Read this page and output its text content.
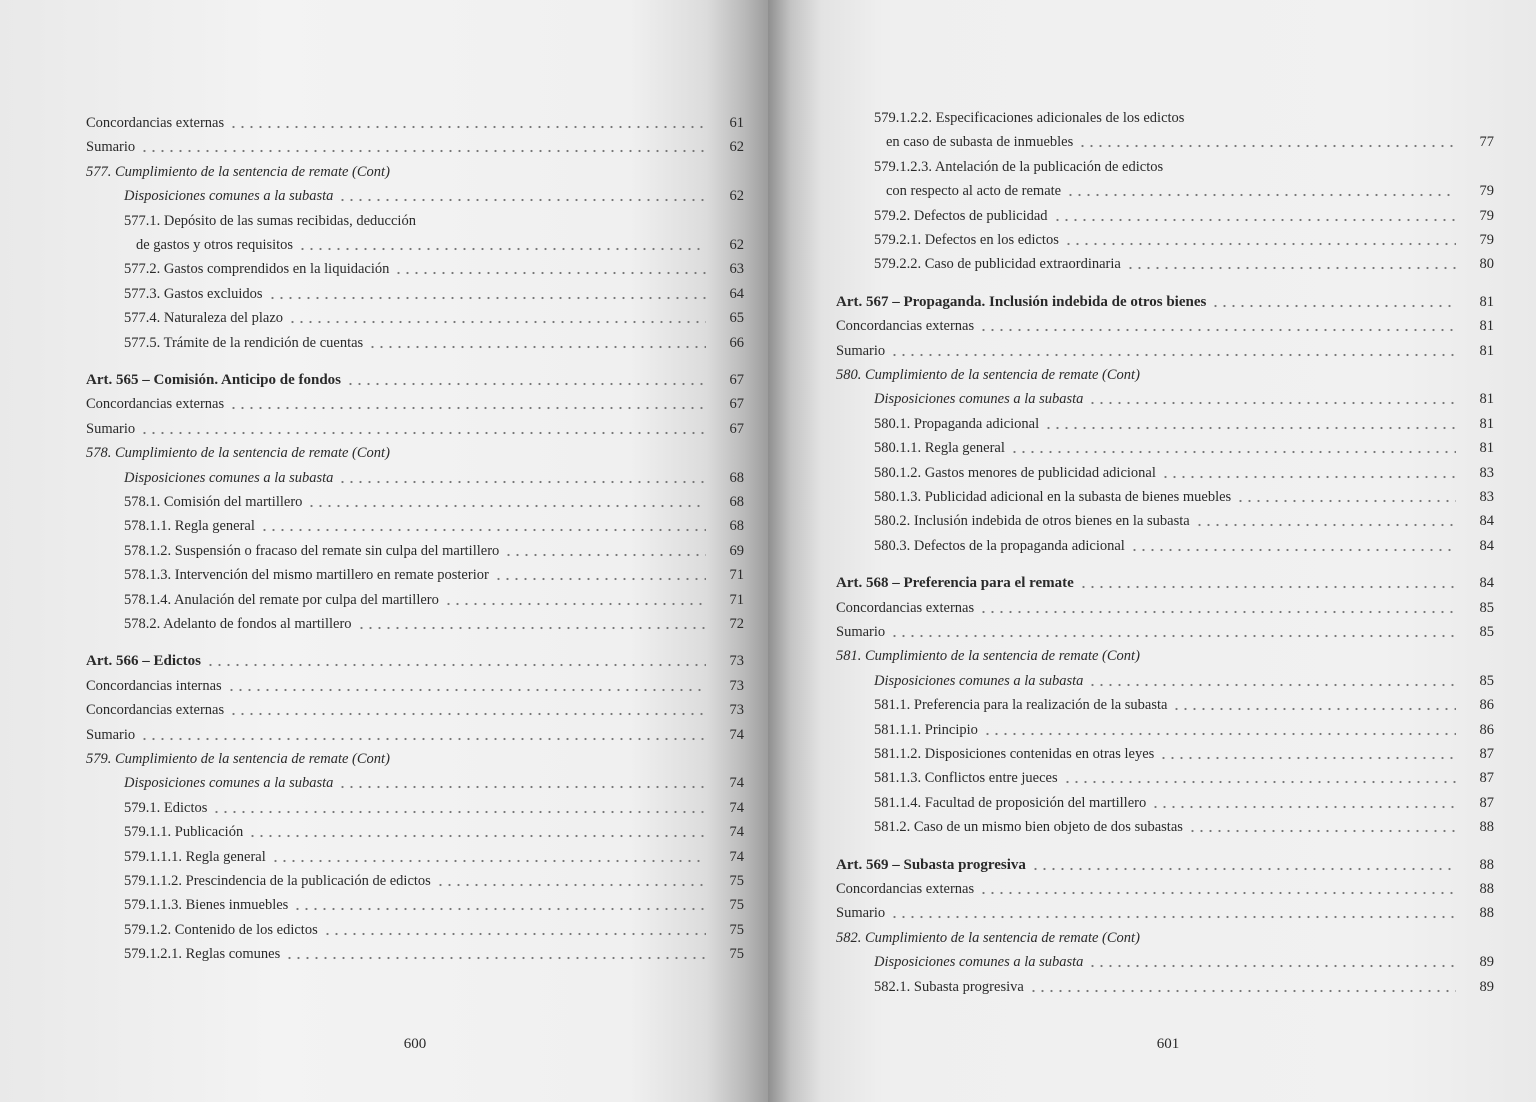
Concordancias externas	61
Sumario	62
577. Cumplimiento de la sentencia de remate (Cont)
Disposiciones comunes a la subasta	62
577.1. Depósito de las sumas recibidas, deducción
de gastos y otros requisitos	62
577.2. Gastos comprendidos en la liquidación	63
577.3. Gastos excluidos	64
577.4. Naturaleza del plazo	65
577.5. Trámite de la rendición de cuentas	66
Art. 565 – Comisión. Anticipo de fondos	67
Concordancias externas	67
Sumario	67
578. Cumplimiento de la sentencia de remate (Cont)
Disposiciones comunes a la subasta	68
578.1. Comisión del martillero	68
578.1.1. Regla general	68
578.1.2. Suspensión o fracaso del remate sin culpa del martillero	69
578.1.3. Intervención del mismo martillero en remate posterior	71
578.1.4. Anulación del remate por culpa del martillero	71
578.2. Adelanto de fondos al martillero	72
Art. 566 – Edictos	73
Concordancias internas	73
Concordancias externas	73
Sumario	74
579. Cumplimiento de la sentencia de remate (Cont)
Disposiciones comunes a la subasta	74
579.1. Edictos	74
579.1.1. Publicación	74
579.1.1.1. Regla general	74
579.1.1.2. Prescindencia de la publicación de edictos	75
579.1.1.3. Bienes inmuebles	75
579.1.2. Contenido de los edictos	75
579.1.2.1. Reglas comunes	75
600
579.1.2.2. Especificaciones adicionales de los edictos
en caso de subasta de inmuebles	77
579.1.2.3. Antelación de la publicación de edictos
con respecto al acto de remate	79
579.2. Defectos de publicidad	79
579.2.1. Defectos en los edictos	79
579.2.2. Caso de publicidad extraordinaria	80
Art. 567 – Propaganda. Inclusión indebida de otros bienes	81
Concordancias externas	81
Sumario	81
580. Cumplimiento de la sentencia de remate (Cont)
Disposiciones comunes a la subasta	81
580.1. Propaganda adicional	81
580.1.1. Regla general	81
580.1.2. Gastos menores de publicidad adicional	83
580.1.3. Publicidad adicional en la subasta de bienes muebles	83
580.2. Inclusión indebida de otros bienes en la subasta	84
580.3. Defectos de la propaganda adicional	84
Art. 568 – Preferencia para el remate	84
Concordancias externas	85
Sumario	85
581. Cumplimiento de la sentencia de remate (Cont)
Disposiciones comunes a la subasta	85
581.1. Preferencia para la realización de la subasta	86
581.1.1. Principio	86
581.1.2. Disposiciones contenidas en otras leyes	87
581.1.3. Conflictos entre jueces	87
581.1.4. Facultad de proposición del martillero	87
581.2. Caso de un mismo bien objeto de dos subastas	88
Art. 569 – Subasta progresiva	88
Concordancias externas	88
Sumario	88
582. Cumplimiento de la sentencia de remate (Cont)
Disposiciones comunes a la subasta	89
582.1. Subasta progresiva	89
601
